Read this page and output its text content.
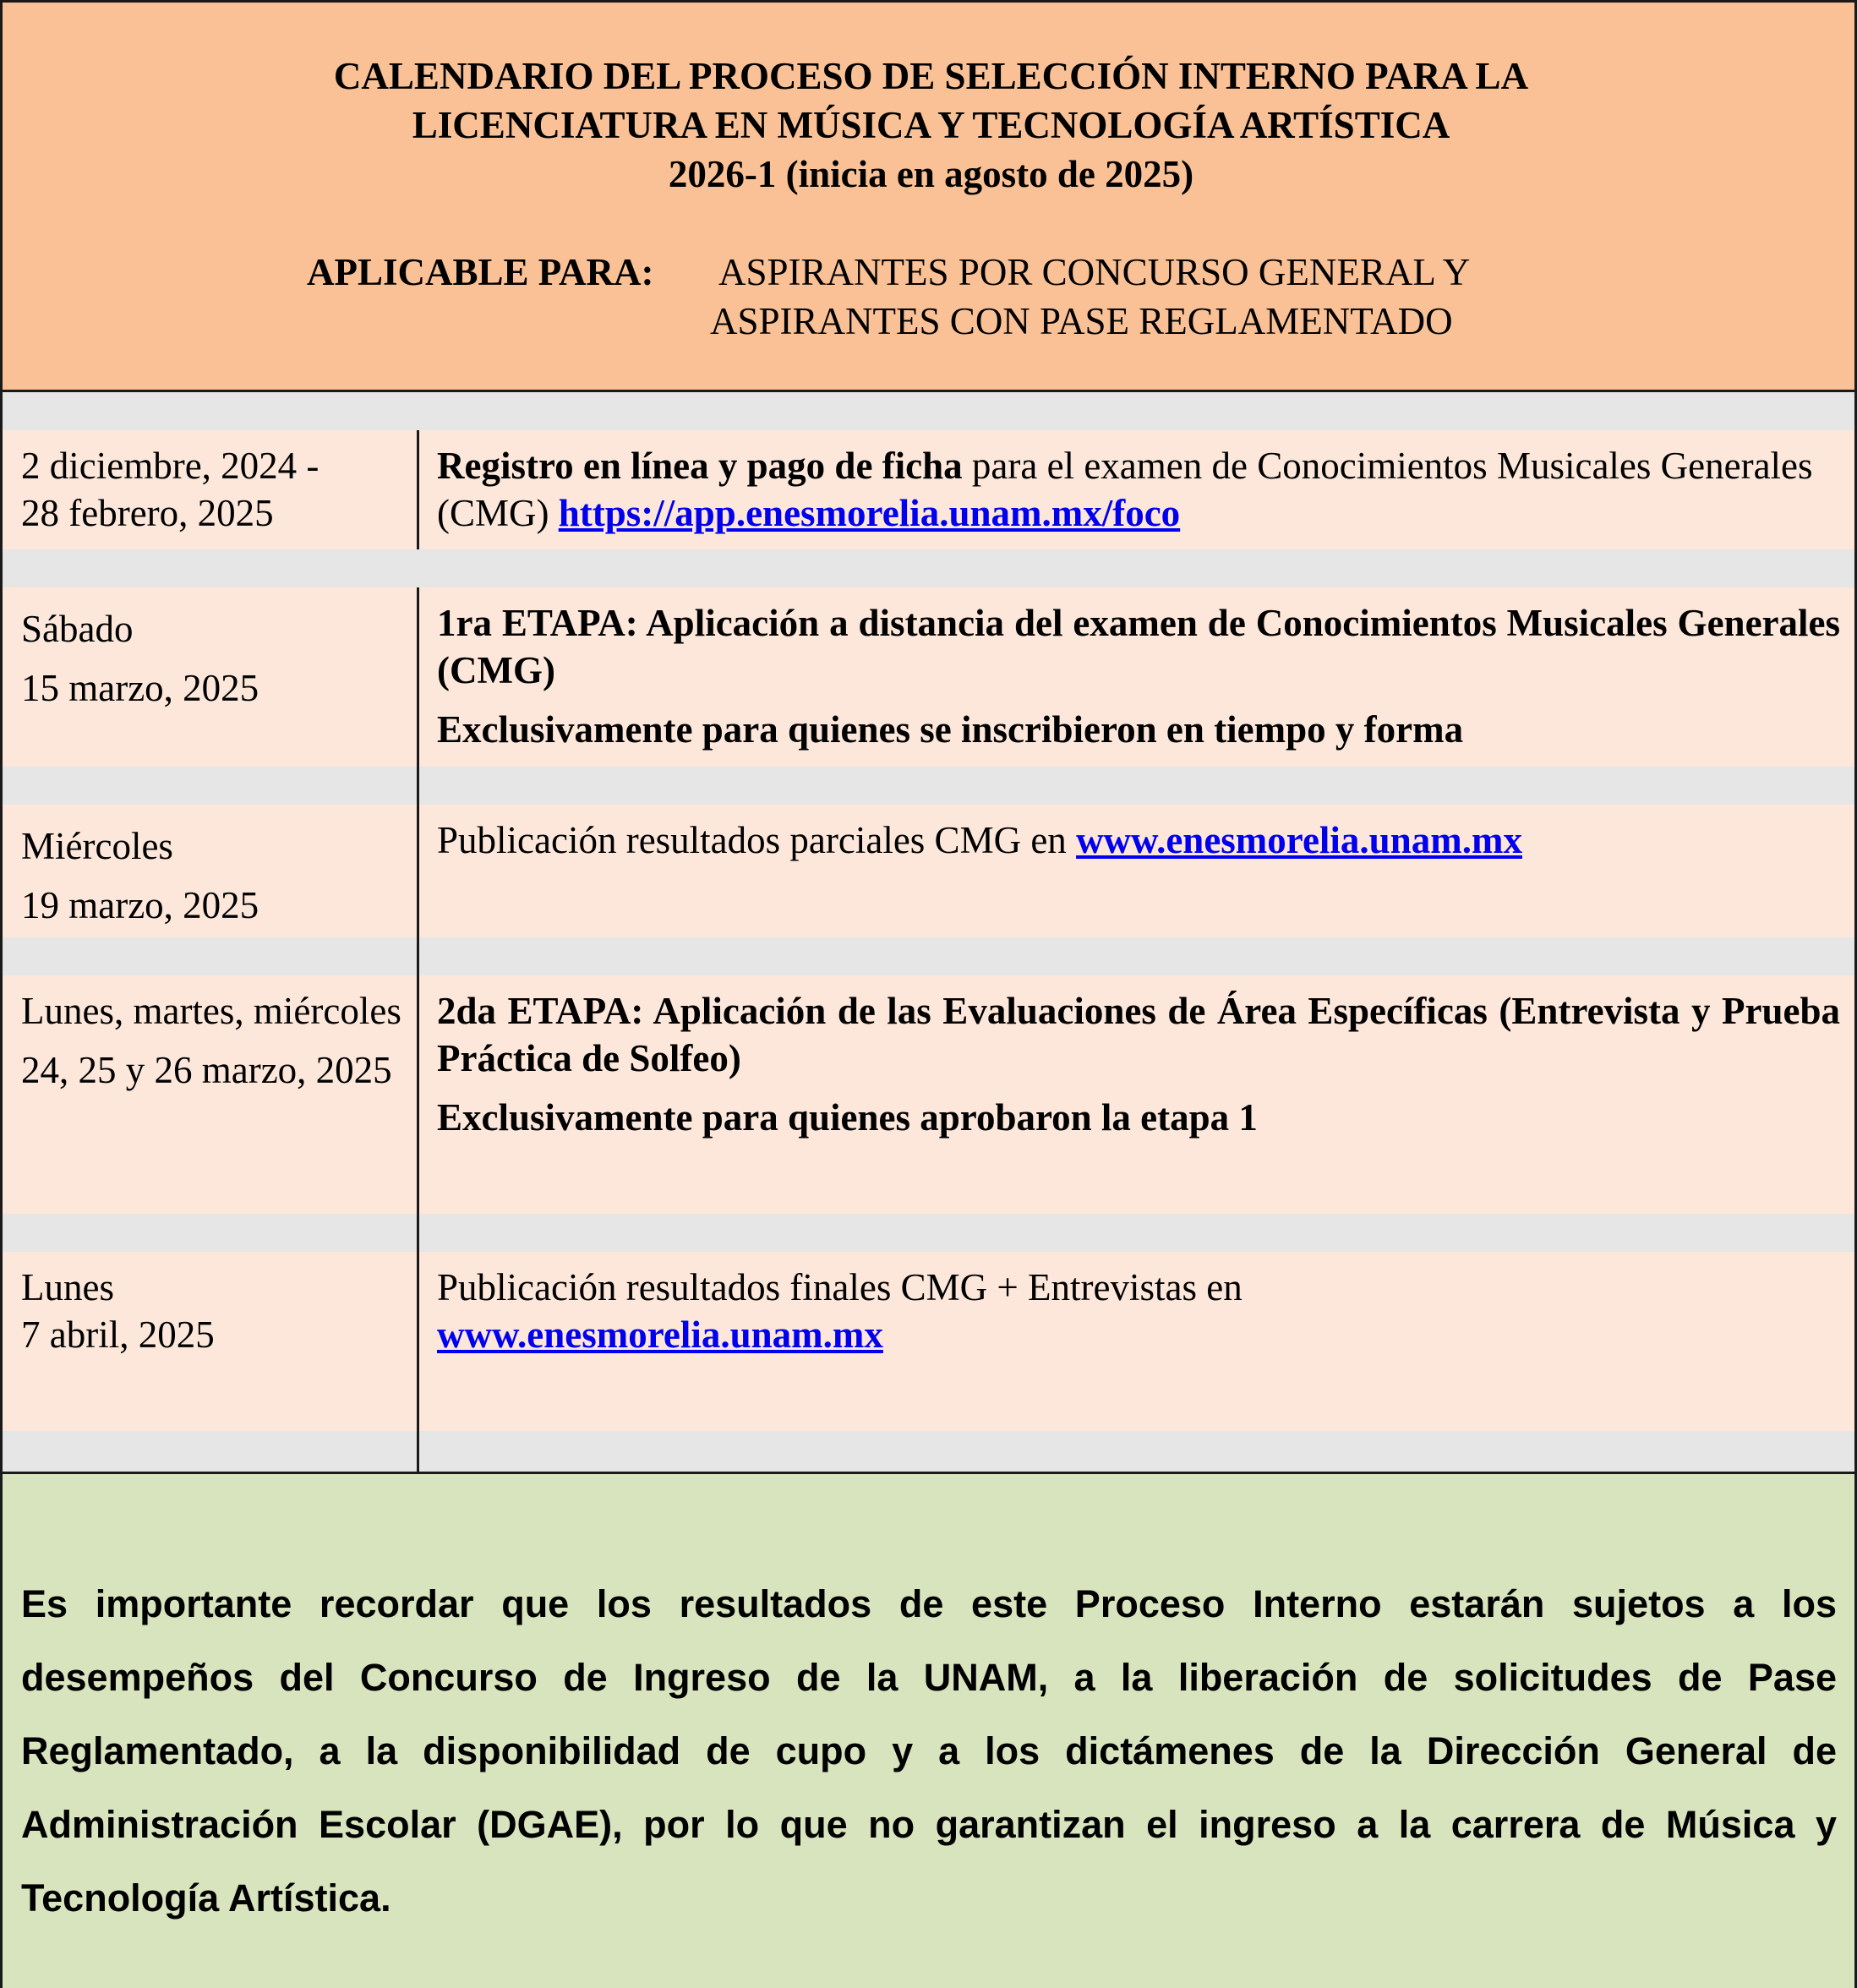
CALENDARIO DEL PROCESO DE SELECCIÓN INTERNO PARA LA
LICENCIATURA EN MÚSICA Y TECNOLOGÍA ARTÍSTICA
2026-1 (inicia en agosto de 2025)
APLICABLE PARA: ASPIRANTES POR CONCURSO GENERAL Y
ASPIRANTES CON PASE REGLAMENTADO
2 diciembre, 2024 -
28 febrero, 2025
Registro en línea y pago de ficha para el examen de Conocimientos Musicales Generales (CMG) https://app.enesmorelia.unam.mx/foco
Sábado
15 marzo, 2025
1ra ETAPA: Aplicación a distancia del examen de Conocimientos Musicales Generales (CMG)
Exclusivamente para quienes se inscribieron en tiempo y forma
Miércoles
19 marzo, 2025
Publicación resultados parciales CMG en www.enesmorelia.unam.mx
Lunes, martes, miércoles
24, 25 y 26 marzo, 2025
2da ETAPA: Aplicación de las Evaluaciones de Área Específicas (Entrevista y Prueba Práctica de Solfeo)
Exclusivamente para quienes aprobaron la etapa 1
Lunes
7 abril, 2025
Publicación resultados finales CMG + Entrevistas en
www.enesmorelia.unam.mx
Es importante recordar que los resultados de este Proceso Interno estarán sujetos a los desempeños del Concurso de Ingreso de la UNAM, a la liberación de solicitudes de Pase Reglamentado, a la disponibilidad de cupo y a los dictámenes de la Dirección General de Administración Escolar (DGAE), por lo que no garantizan el ingreso a la carrera de Música y Tecnología Artística.
